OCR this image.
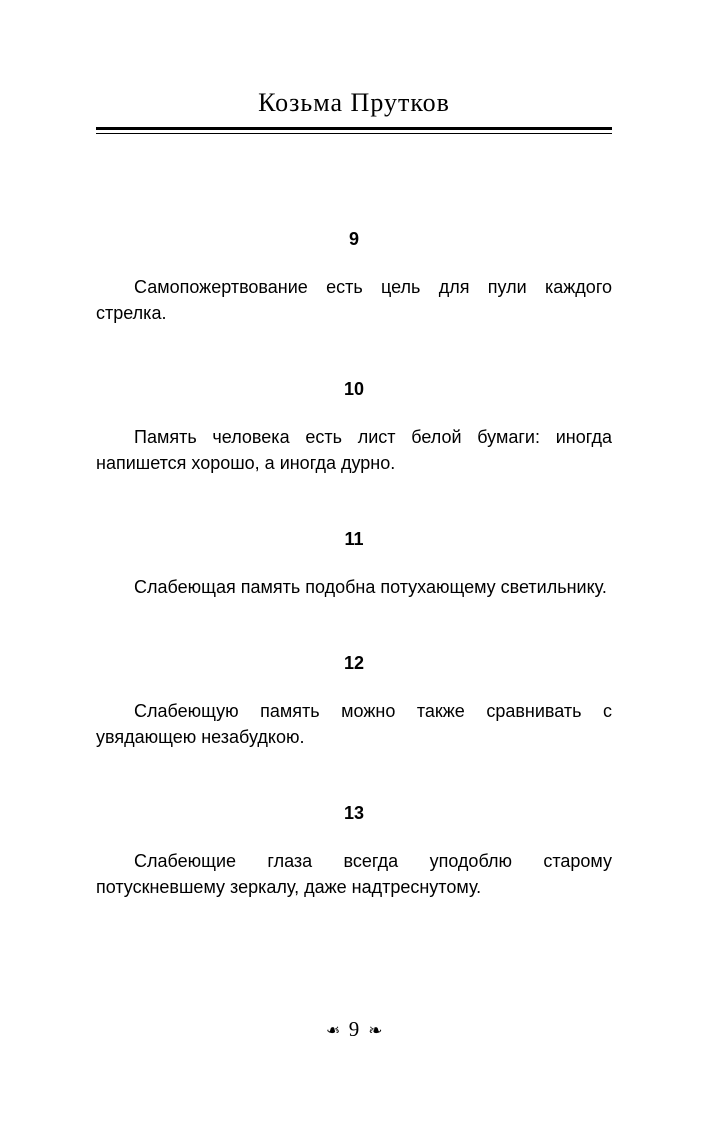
Козьма Прутков
9

Самопожертвование есть цель для пули каждого стрелка.

10

Память человека есть лист белой бумаги: иногда напишется хорошо, а иногда дурно.

11

Слабеющая память подобна потухающему светильнику.

12

Слабеющую память можно также сравнивать с увядающею незабудкою.

13

Слабеющие глаза всегда уподоблю старому потускневшему зеркалу, даже надтреснутому.

❧ 9 ❧
